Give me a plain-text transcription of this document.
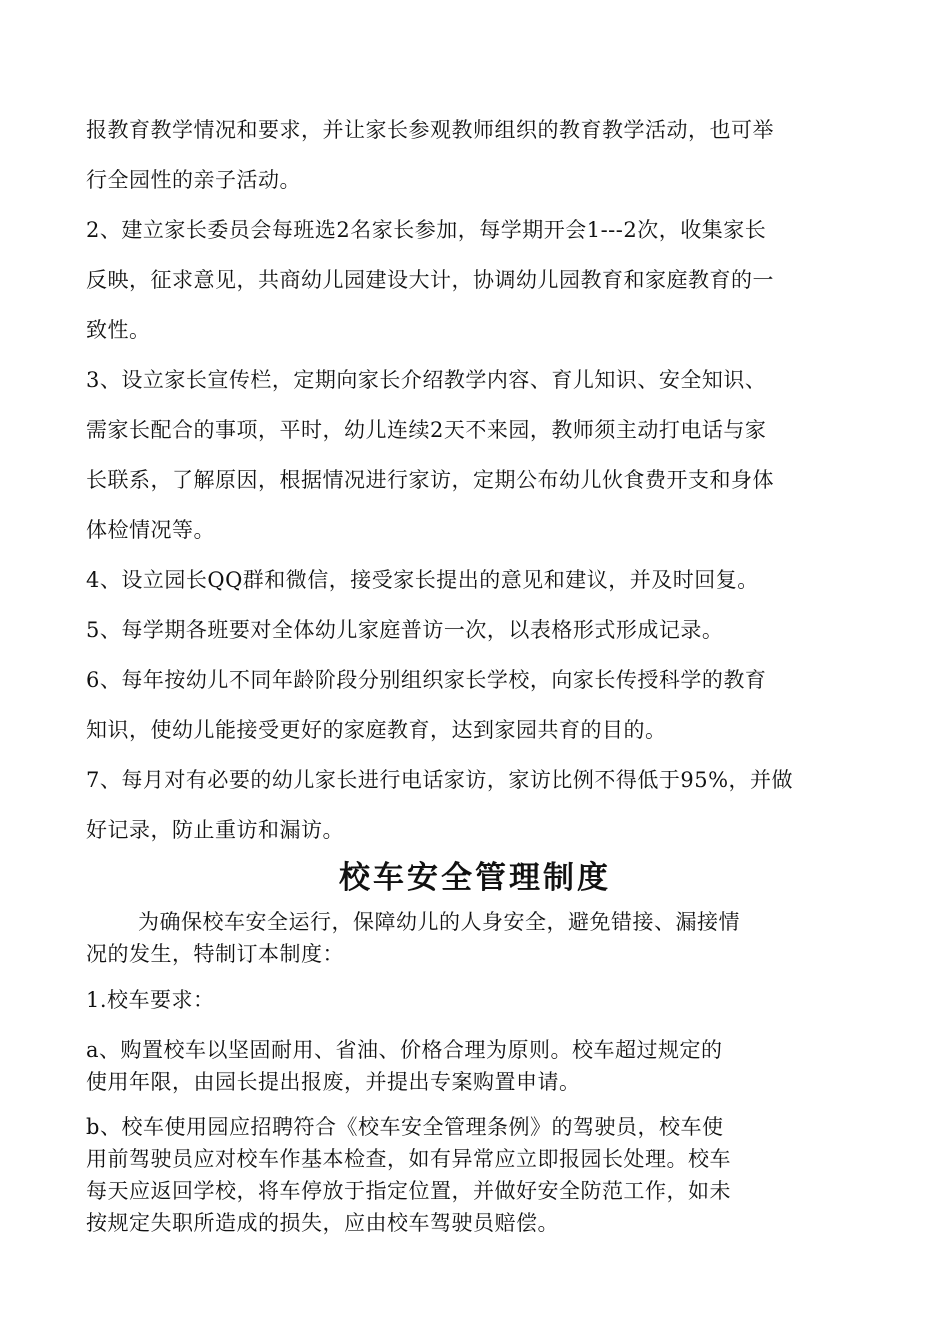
报教育教学情况和要求，并让家长参观教师组织的教育教学活动，也可举
行全园性的亲子活动。
2、建立家长委员会每班选2名家长参加，每学期开会1---2次，收集家长
反映，征求意见，共商幼儿园建设大计，协调幼儿园教育和家庭教育的一
致性。
3、设立家长宣传栏，定期向家长介绍教学内容、育儿知识、安全知识、
需家长配合的事项，平时，幼儿连续2天不来园，教师须主动打电话与家
长联系，了解原因，根据情况进行家访，定期公布幼儿伙食费开支和身体
体检情况等。
4、设立园长QQ群和微信，接受家长提出的意见和建议，并及时回复。
5、每学期各班要对全体幼儿家庭普访一次，以表格形式形成记录。
6、每年按幼儿不同年龄阶段分别组织家长学校，向家长传授科学的教育
知识，使幼儿能接受更好的家庭教育，达到家园共育的目的。
7、每月对有必要的幼儿家长进行电话家访，家访比例不得低于95%，并做
好记录，防止重访和漏访。
校车安全管理制度
为确保校车安全运行，保障幼儿的人身安全，避免错接、漏接情
况的发生，特制订本制度：
1.校车要求：
a、购置校车以坚固耐用、省油、价格合理为原则。校车超过规定的
使用年限，由园长提出报废，并提出专案购置申请。
b、校车使用园应招聘符合《校车安全管理条例》的驾驶员，校车使
用前驾驶员应对校车作基本检查，如有异常应立即报园长处理。校车
每天应返回学校，将车停放于指定位置，并做好安全防范工作，如未
按规定失职所造成的损失，应由校车驾驶员赔偿。
